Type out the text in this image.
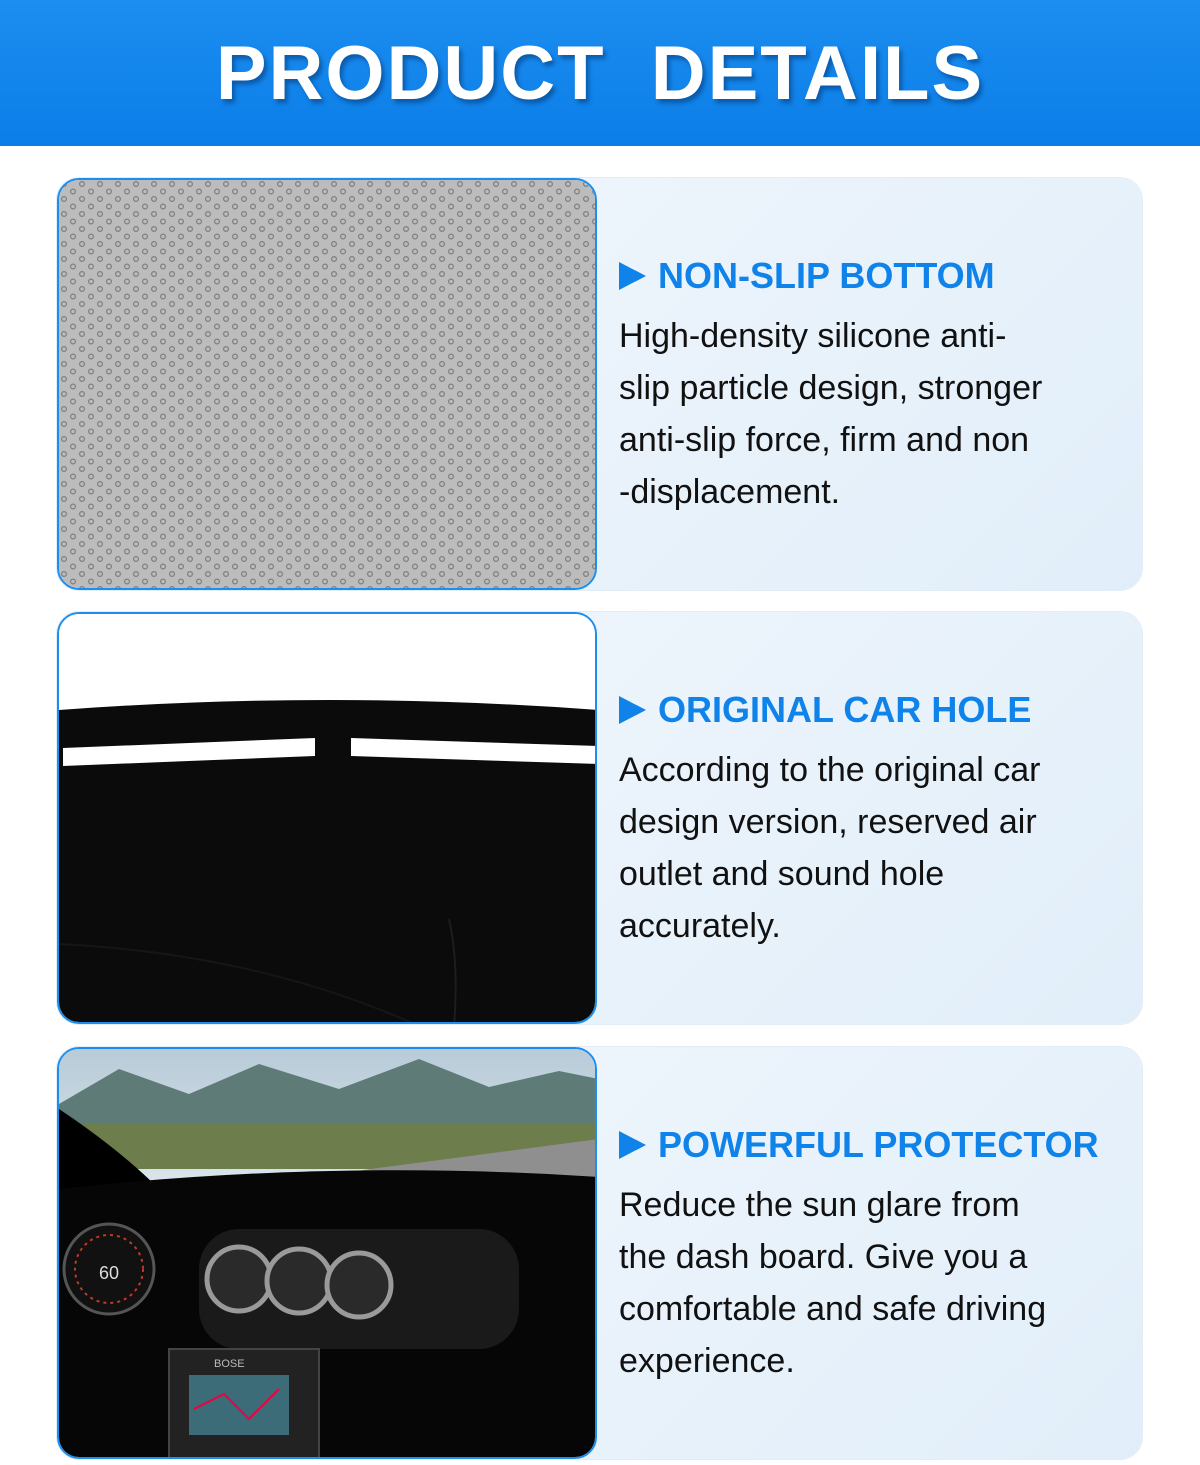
PRODUCT DETAILS
NON-SLIP BOTTOM
High-density silicone anti-
slip particle design, stronger
anti-slip force, firm and non
-displacement.
ORIGINAL CAR HOLE
According to the original car
design version, reserved air
outlet and sound hole
accurately.
60
BOSE
POWERFUL PROTECTOR
Reduce the sun glare from
the dash board. Give you a
comfortable and safe driving
experience.
